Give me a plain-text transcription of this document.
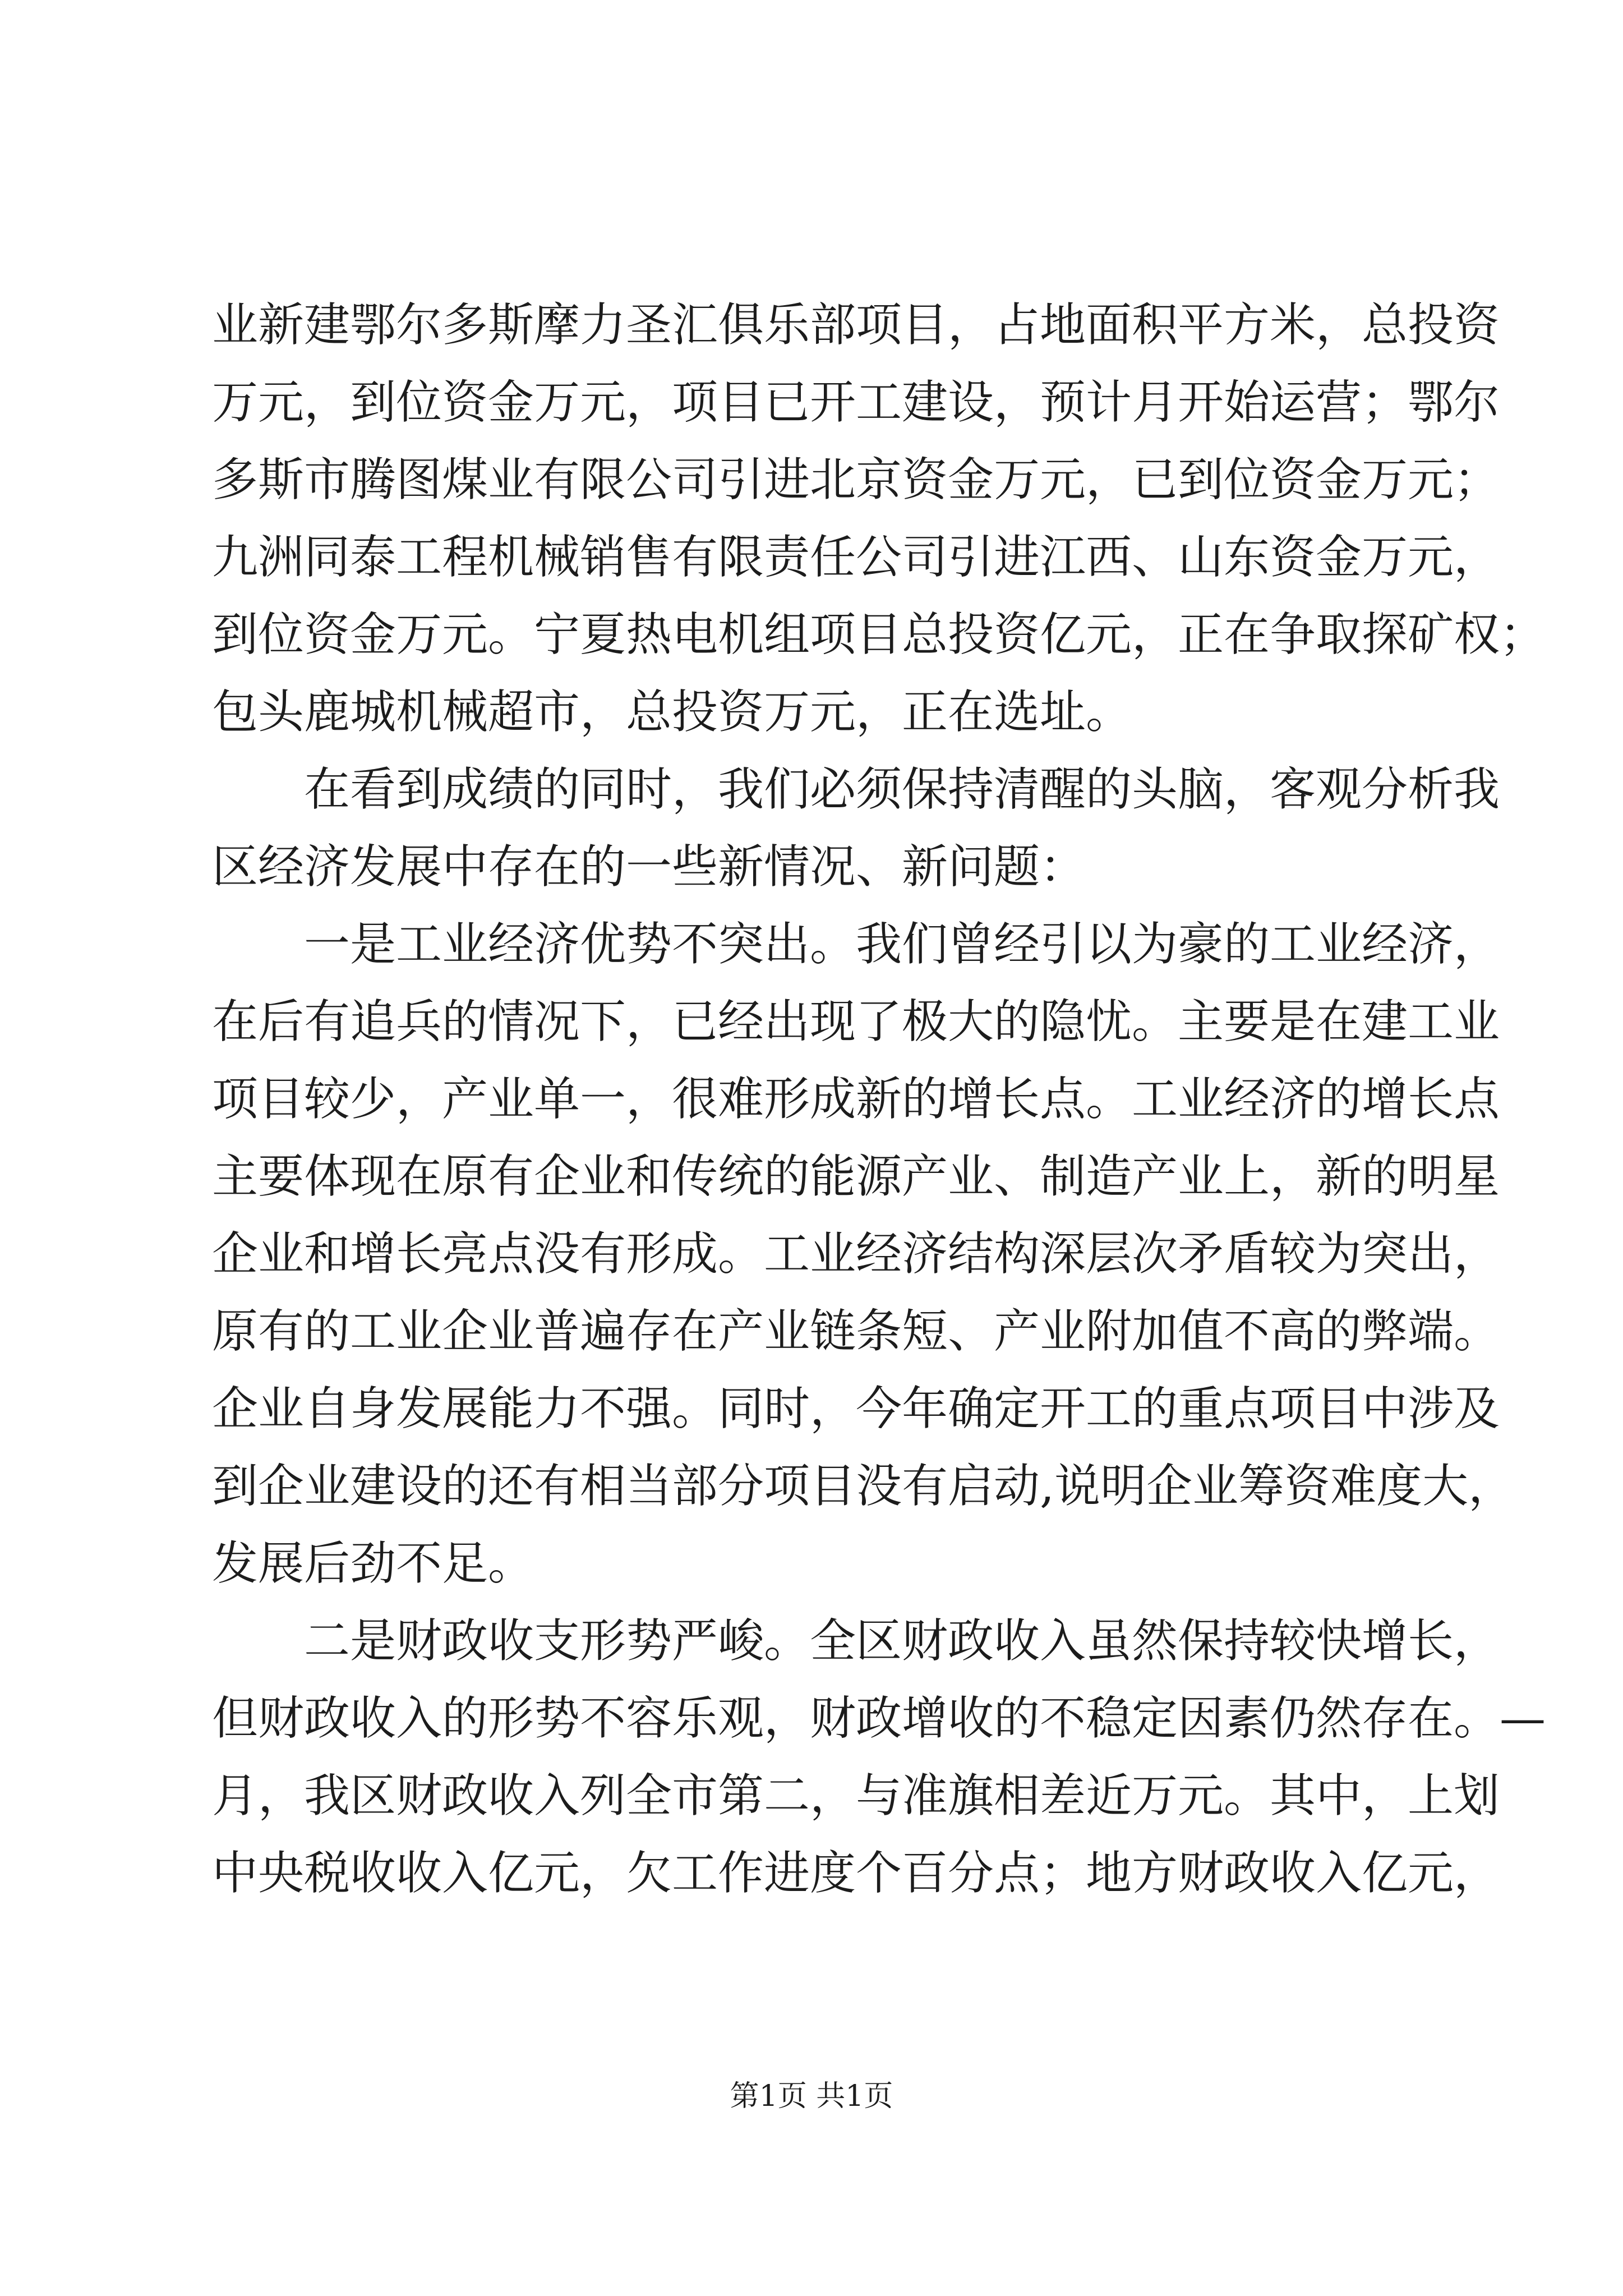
业新建鄂尔多斯摩力圣汇俱乐部项目，占地面积平方米，总投资

万元，到位资金万元，项目已开工建设，预计月开始运营；鄂尔

多斯市腾图煤业有限公司引进北京资金万元，已到位资金万元；

九洲同泰工程机械销售有限责任公司引进江西、山东资金万元，

到位资金万元。宁夏热电机组项目总投资亿元，正在争取探矿权；

包头鹿城机械超市，总投资万元，正在选址。

在看到成绩的同时，我们必须保持清醒的头脑，客观分析我

区经济发展中存在的一些新情况、新问题：

一是工业经济优势不突出。我们曾经引以为豪的工业经济，

在后有追兵的情况下，已经出现了极大的隐忧。主要是在建工业

项目较少，产业单一，很难形成新的增长点。工业经济的增长点

主要体现在原有企业和传统的能源产业、制造产业上，新的明星

企业和增长亮点没有形成。工业经济结构深层次矛盾较为突出，

原有的工业企业普遍存在产业链条短、产业附加值不高的弊端。

企业自身发展能力不强。同时，今年确定开工的重点项目中涉及

到企业建设的还有相当部分项目没有启动,说明企业筹资难度大，

发展后劲不足。

二是财政收支形势严峻。全区财政收入虽然保持较快增长，

但财政收入的形势不容乐观，财政增收的不稳定因素仍然存在。—

月，我区财政收入列全市第二，与准旗相差近万元。其中，上划

中央税收收入亿元，欠工作进度个百分点；地方财政收入亿元，

第1页 共1页
